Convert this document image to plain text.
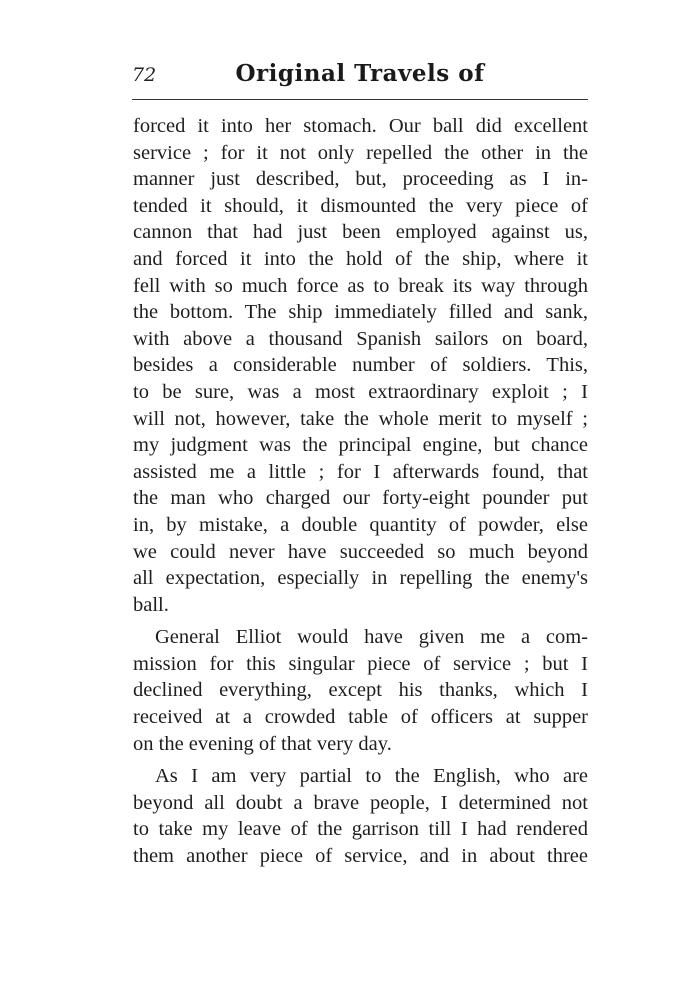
72	Original Travels of
forced it into her stomach. Our ball did excellent
service ; for it not only repelled the other in the
manner just described, but, proceeding as I in-
tended it should, it dismounted the very piece of
cannon that had just been employed against us,
and forced it into the hold of the ship, where it
fell with so much force as to break its way through
the bottom. The ship immediately filled and sank,
with above a thousand Spanish sailors on board,
besides a considerable number of soldiers. This,
to be sure, was a most extraordinary exploit ; I
will not, however, take the whole merit to myself ;
my judgment was the principal engine, but chance
assisted me a little ; for I afterwards found, that
the man who charged our forty-eight pounder put
in, by mistake, a double quantity of powder, else
we could never have succeeded so much beyond
all expectation, especially in repelling the enemy's
ball.
General Elliot would have given me a com-
mission for this singular piece of service ; but I
declined everything, except his thanks, which I
received at a crowded table of officers at supper
on the evening of that very day.
As I am very partial to the English, who are
beyond all doubt a brave people, I determined not
to take my leave of the garrison till I had rendered
them another piece of service, and in about three
